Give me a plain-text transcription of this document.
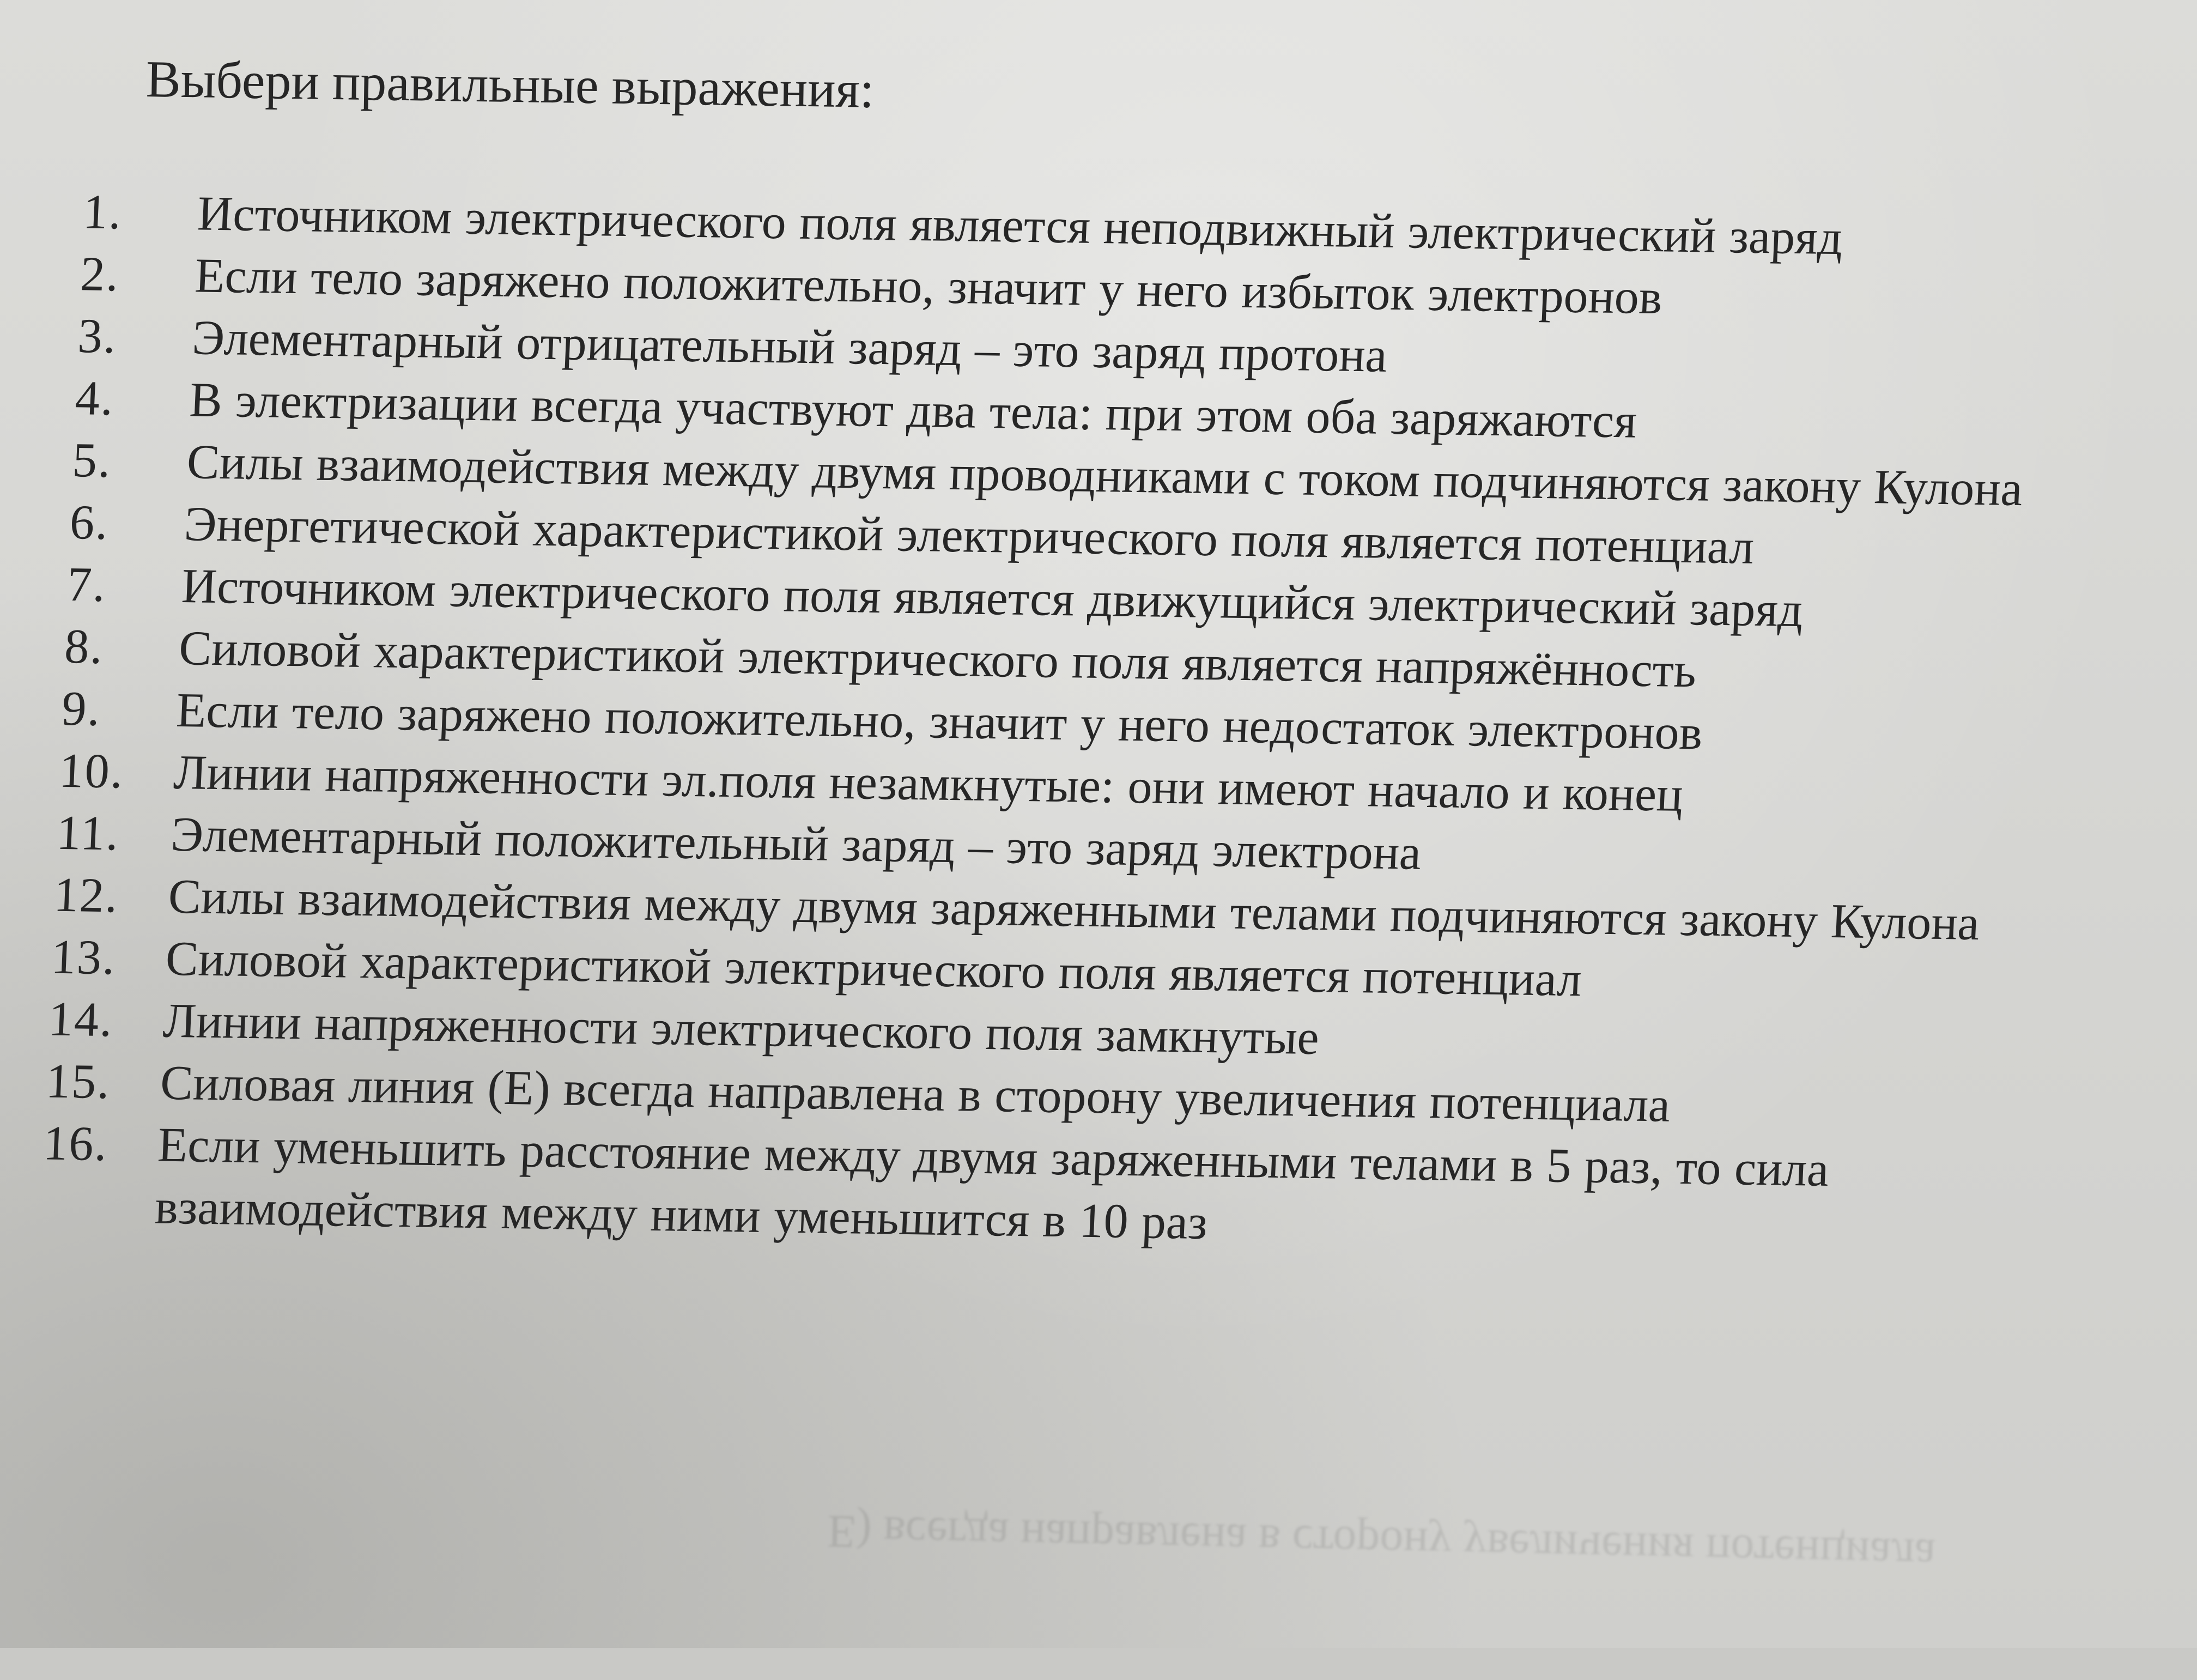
Выбери правильные выражения:
1.	Источником электрического поля является неподвижный электрический заряд
2.	Если тело заряжено положительно, значит у него избыток электронов
3.	Элементарный отрицательный заряд – это заряд протона
4.	В электризации всегда участвуют два тела: при этом оба заряжаются
5.	Силы взаимодействия между двумя проводниками с током подчиняются закону Кулона
6.	Энергетической характеристикой электрического поля является потенциал
7.	Источником электрического поля является движущийся электрический заряд
8.	Силовой характеристикой электрического поля является напряжённость
9.	Если тело заряжено положительно, значит у него недостаток электронов
10. Линии напряженности эл.поля незамкнутые: они имеют начало и конец
11.	Элементарный положительный заряд – это заряд электрона
12. Силы взаимодействия между двумя заряженными телами подчиняются закону Кулона
13. Силовой характеристикой электрического поля является потенциал
14. Линии напряженности электрического поля замкнутые
15. Силовая линия (Е) всегда направлена в сторону увеличения потенциала
16. Если уменьшить расстояние между двумя заряженными телами в 5 раз, то сила взаимодействия между ними уменьшится в 10 раз
Е) всегда направлена в сторону увеличения потенциала
